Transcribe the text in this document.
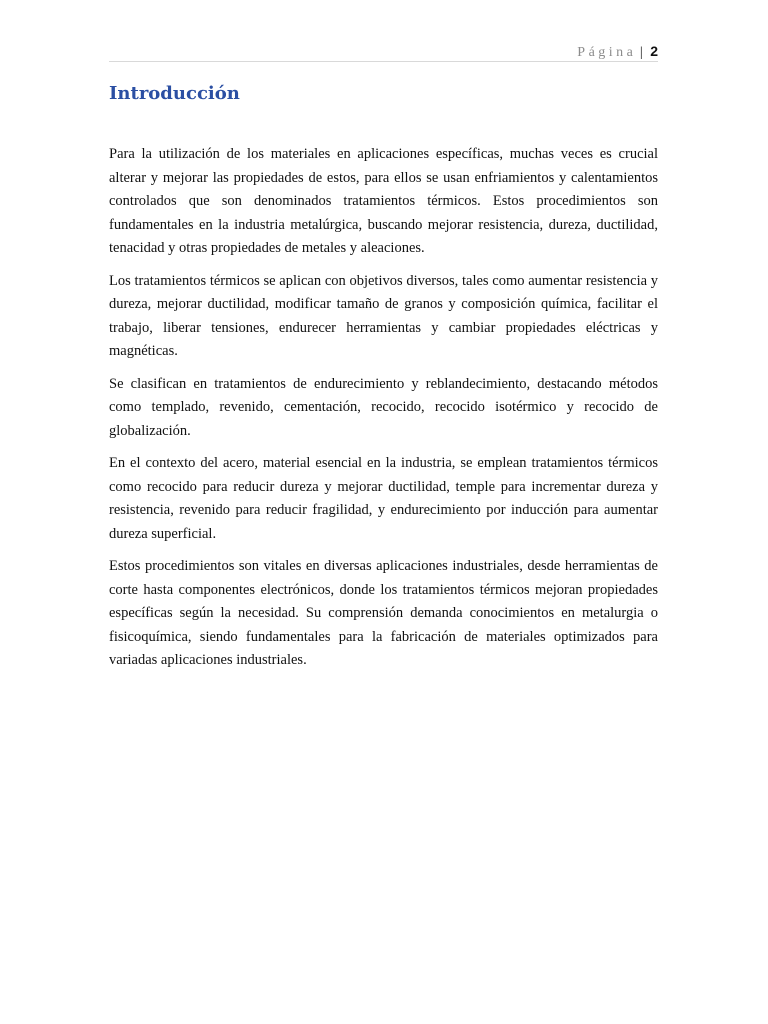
Página | 2
Introducción

Para la utilización de los materiales en aplicaciones específicas, muchas veces es crucial alterar y mejorar las propiedades de estos, para ellos se usan enfriamientos y calentamientos controlados que son denominados tratamientos térmicos. Estos procedimientos son fundamentales en la industria metalúrgica, buscando mejorar resistencia, dureza, ductilidad, tenacidad y otras propiedades de metales y aleaciones.

Los tratamientos térmicos se aplican con objetivos diversos, tales como aumentar resistencia y dureza, mejorar ductilidad, modificar tamaño de granos y composición química, facilitar el trabajo, liberar tensiones, endurecer herramientas y cambiar propiedades eléctricas y magnéticas.

Se clasifican en tratamientos de endurecimiento y reblandecimiento, destacando métodos como templado, revenido, cementación, recocido, recocido isotérmico y recocido de globalización.

En el contexto del acero, material esencial en la industria, se emplean tratamientos térmicos como recocido para reducir dureza y mejorar ductilidad, temple para incrementar dureza y resistencia, revenido para reducir fragilidad, y endurecimiento por inducción para aumentar dureza superficial.

Estos procedimientos son vitales en diversas aplicaciones industriales, desde herramientas de corte hasta componentes electrónicos, donde los tratamientos térmicos mejoran propiedades específicas según la necesidad. Su comprensión demanda conocimientos en metalurgia o fisicoquímica, siendo fundamentales para la fabricación de materiales optimizados para variadas aplicaciones industriales.
